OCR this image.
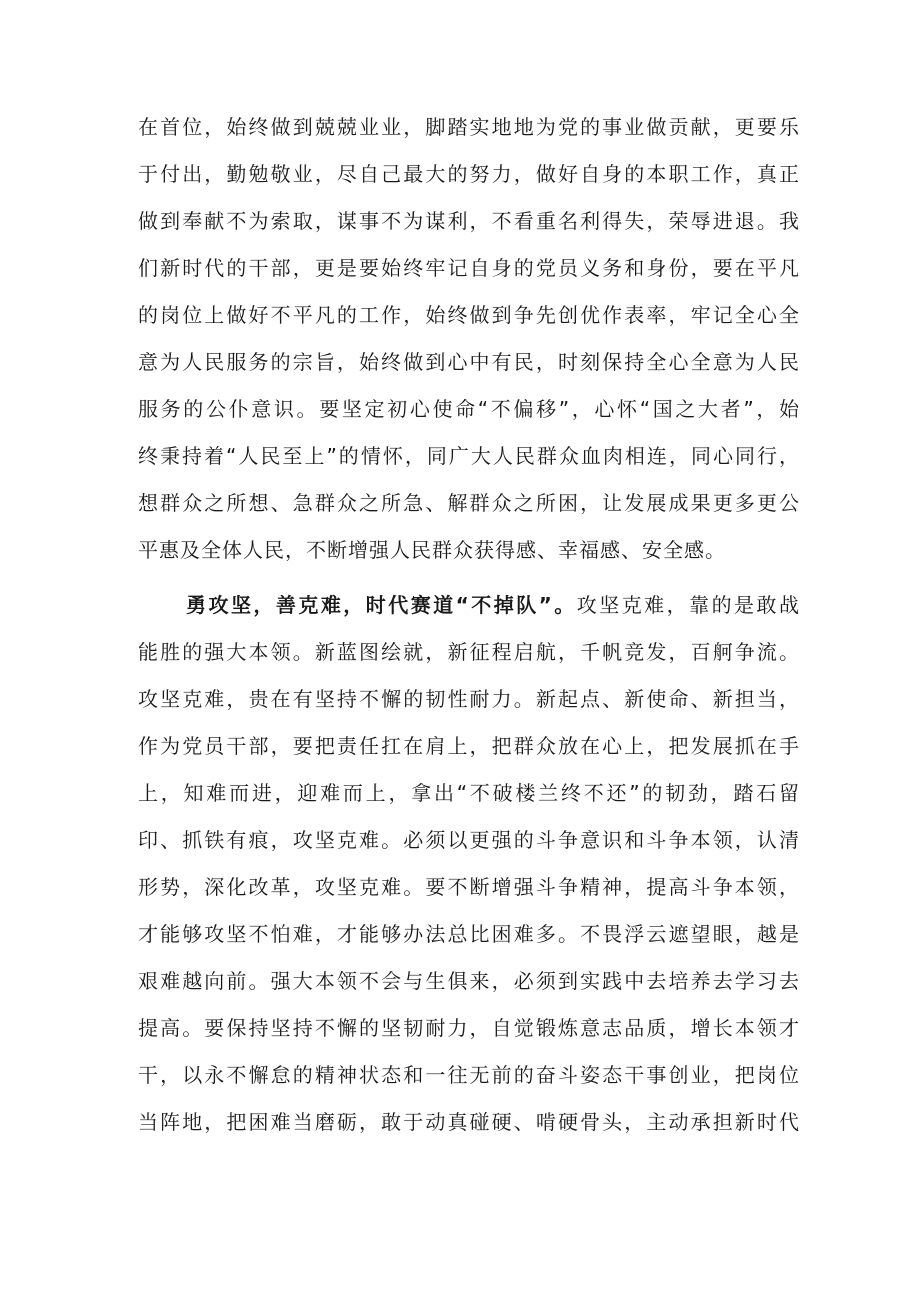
在首位，始终做到兢兢业业，脚踏实地地为党的事业做贡献，更要乐
于付出，勤勉敬业，尽自己最大的努力，做好自身的本职工作，真正
做到奉献不为索取，谋事不为谋利，不看重名利得失，荣辱进退。我
们新时代的干部，更是要始终牢记自身的党员义务和身份，要在平凡
的岗位上做好不平凡的工作，始终做到争先创优作表率，牢记全心全
意为人民服务的宗旨，始终做到心中有民，时刻保持全心全意为人民
服务的公仆意识。要坚定初心使命“不偏移”，心怀“国之大者”，始
终秉持着“人民至上”的情怀，同广大人民群众血肉相连，同心同行，
想群众之所想、急群众之所急、解群众之所困，让发展成果更多更公
平惠及全体人民，不断增强人民群众获得感、幸福感、安全感。
勇攻坚，善克难，时代赛道“不掉队”。攻坚克难，靠的是敢战
能胜的强大本领。新蓝图绘就，新征程启航，千帆竞发，百舸争流。
攻坚克难，贵在有坚持不懈的韧性耐力。新起点、新使命、新担当，
作为党员干部，要把责任扛在肩上，把群众放在心上，把发展抓在手
上，知难而进，迎难而上，拿出“不破楼兰终不还”的韧劲，踏石留
印、抓铁有痕，攻坚克难。必须以更强的斗争意识和斗争本领，认清
形势，深化改革，攻坚克难。要不断增强斗争精神，提高斗争本领，
才能够攻坚不怕难，才能够办法总比困难多。不畏浮云遮望眼，越是
艰难越向前。强大本领不会与生俱来，必须到实践中去培养去学习去
提高。要保持坚持不懈的坚韧耐力，自觉锻炼意志品质，增长本领才
干，以永不懈怠的精神状态和一往无前的奋斗姿态干事创业，把岗位
当阵地，把困难当磨砺，敢于动真碰硬、啃硬骨头，主动承担新时代
